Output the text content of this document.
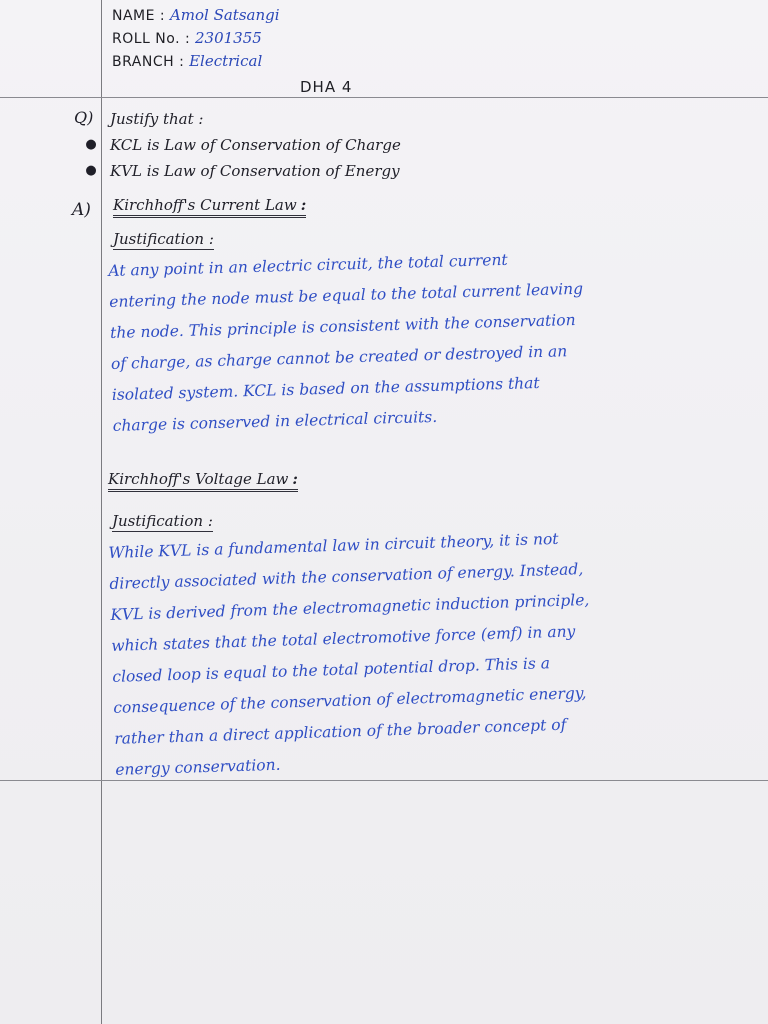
NAME : Amol Satsangi
ROLL No. : 2301355
BRANCH : Electrical
DHA 4
Q) Justify that :
● KCL is Law of Conservation of Charge
● KVL is Law of Conservation of Energy
A) Kirchhoff's Current Law :
Justification :
At any point in an electric circuit, the total current
entering the node must be equal to the total current leaving
the node. This principle is consistent with the conservation
of charge, as charge cannot be created or destroyed in an
isolated system. KCL is based on the assumptions that
charge is conserved in electrical circuits.
Kirchhoff's Voltage Law :
Justification :
While KVL is a fundamental law in circuit theory, it is not
directly associated with the conservation of energy. Instead,
KVL is derived from the electromagnetic induction principle,
which states that the total electromotive force (emf) in any
closed loop is equal to the total potential drop. This is a
consequence of the conservation of electromagnetic energy,
rather than a direct application of the broader concept of
energy conservation.
